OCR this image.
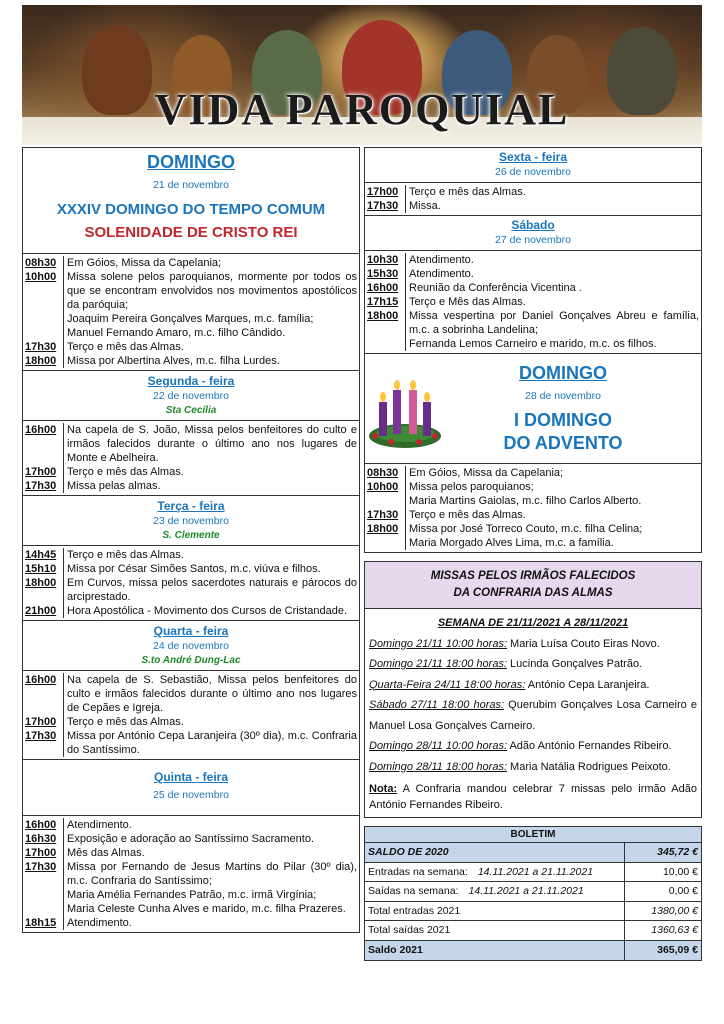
VIDA PAROQUIAL
DOMINGO
21 de novembro
XXXIV DOMINGO DO TEMPO COMUM
SOLENIDADE DE CRISTO REI
08h30 Em Góios, Missa da Capelania;
10h00 Missa solene pelos paroquianos, mormente por todos os que se encontram envolvidos nos movimentos apostólicos da paróquia;
Joaquim Pereira Gonçalves Marques, m.c. família;
Manuel Fernando Amaro, m.c. filho Cândido.
17h30 Terço e mês das Almas.
18h00 Missa por Albertina Alves, m.c. filha Lurdes.
Segunda - feira
22 de novembro
Sta Cecília
16h00 Na capela de S. João, Missa pelos benfeitores do culto e irmãos falecidos durante o último ano nos lugares de Monte e Abelheira.
17h00 Terço e mês das Almas.
17h30 Missa pelas almas.
Terça - feira
23 de novembro
S. Clemente
14h45 Terço e mês das Almas.
15h10 Missa por César Simões Santos, m.c. viúva e filhos.
18h00 Em Curvos, missa pelos sacerdotes naturais e párocos do arciprestado.
21h00 Hora Apostólica - Movimento dos Cursos de Cristandade.
Quarta - feira
24 de novembro
S.to André Dung-Lac
16h00 Na capela de S. Sebastião, Missa pelos benfeitores do culto e irmãos falecidos durante o último ano nos lugares de Cepães e Igreja.
17h00 Terço e mês das Almas.
17h30 Missa por António Cepa Laranjeira (30º dia), m.c. Confraria do Santíssimo.
Quinta - feira
25 de novembro
16h00 Atendimento.
16h30 Exposição e adoração ao Santíssimo Sacramento.
17h00 Mês das Almas.
17h30 Missa por Fernando de Jesus Martins do Pilar (30º dia), m.c. Confraria do Santíssimo;
Maria Amélia Fernandes Patrão, m.c. irmã Virgínia;
Maria Celeste Cunha Alves e marido, m.c. filha Prazeres.
18h15 Atendimento.
Sexta - feira
26 de novembro
17h00 Terço e mês das Almas.
17h30 Missa.
Sábado
27 de novembro
10h30 Atendimento.
15h30 Atendimento.
16h00 Reunião da Conferência Vicentina .
17h15 Terço e Mês das Almas.
18h00 Missa vespertina por Daniel Gonçalves Abreu e família, m.c. a sobrinha Landelina;
Fernanda Lemos Carneiro e marido, m.c. os filhos.
DOMINGO
28 de novembro
I DOMINGO
DO ADVENTO
08h30 Em Góios, Missa da Capelania;
10h00 Missa pelos paroquianos;
Maria Martins Gaiolas, m.c. filho Carlos Alberto.
17h30 Terço e mês das Almas.
18h00 Missa por José Torreco Couto, m.c. filha Celina;
Maria Morgado Alves Lima, m.c. a família.
MISSAS PELOS IRMÃOS FALECIDOS
DA CONFRARIA DAS ALMAS
SEMANA DE 21/11/2021 A 28/11/2021
Domingo 21/11 10:00 horas: Maria Luísa Couto Eiras Novo.
Domingo 21/11 18:00 horas: Lucinda Gonçalves Patrão.
Quarta-Feira 24/11 18:00 horas: António Cepa Laranjeira.
Sábado 27/11 18:00 horas: Querubim Gonçalves Losa Carneiro e Manuel Losa Gonçalves Carneiro.
Domingo 28/11 10:00 horas: Adão António Fernandes Ribeiro.
Domingo 28/11 18:00 horas: Maria Natália Rodrigues Peixoto.
Nota: A Confraria mandou celebrar 7 missas pelo irmão Adão António Fernandes Ribeiro.
BOLETIM
SALDO DE 2020	345,72 €
Entradas na semana: 14.11.2021 a 21.11.2021	10,00 €
Saídas na semana: 14.11.2021 a 21.11.2021	0,00 €
Total entradas 2021	1380,00 €
Total saídas 2021	1360,63 €
Saldo 2021	365,09 €
